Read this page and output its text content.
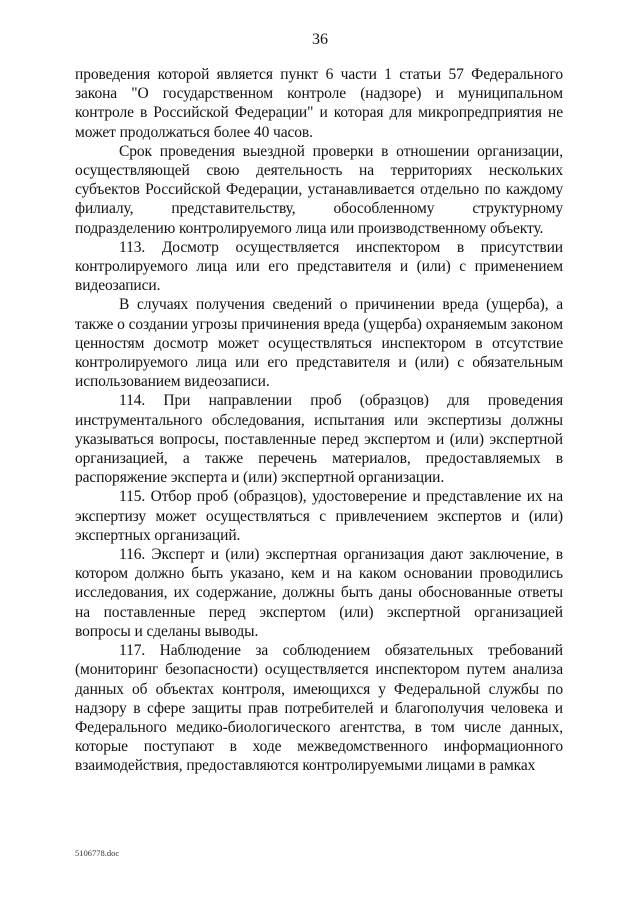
36

проведения которой является пункт 6 части 1 статьи 57 Федерального закона "О государственном контроле (надзоре) и муниципальном контроле в Российской Федерации" и которая для микропредприятия не может продолжаться более 40 часов.

Срок проведения выездной проверки в отношении организации, осуществляющей свою деятельность на территориях нескольких субъектов Российской Федерации, устанавливается отдельно по каждому филиалу, представительству, обособленному структурному подразделению контролируемого лица или производственному объекту.

113. Досмотр осуществляется инспектором в присутствии контролируемого лица или его представителя и (или) с применением видеозаписи.

В случаях получения сведений о причинении вреда (ущерба), а также о создании угрозы причинения вреда (ущерба) охраняемым законом ценностям досмотр может осуществляться инспектором в отсутствие контролируемого лица или его представителя и (или) с обязательным использованием видеозаписи.

114. При направлении проб (образцов) для проведения инструментального обследования, испытания или экспертизы должны указываться вопросы, поставленные перед экспертом и (или) экспертной организацией, а также перечень материалов, предоставляемых в распоряжение эксперта и (или) экспертной организации.

115. Отбор проб (образцов), удостоверение и представление их на экспертизу может осуществляться с привлечением экспертов и (или) экспертных организаций.

116. Эксперт и (или) экспертная организация дают заключение, в котором должно быть указано, кем и на каком основании проводились исследования, их содержание, должны быть даны обоснованные ответы на поставленные перед экспертом (или) экспертной организацией вопросы и сделаны выводы.

117. Наблюдение за соблюдением обязательных требований (мониторинг безопасности) осуществляется инспектором путем анализа данных об объектах контроля, имеющихся у Федеральной службы по надзору в сфере защиты прав потребителей и благополучия человека и Федерального медико-биологического агентства, в том числе данных, которые поступают в ходе межведомственного информационного взаимодействия, предоставляются контролируемыми лицами в рамках

5106778.doc
